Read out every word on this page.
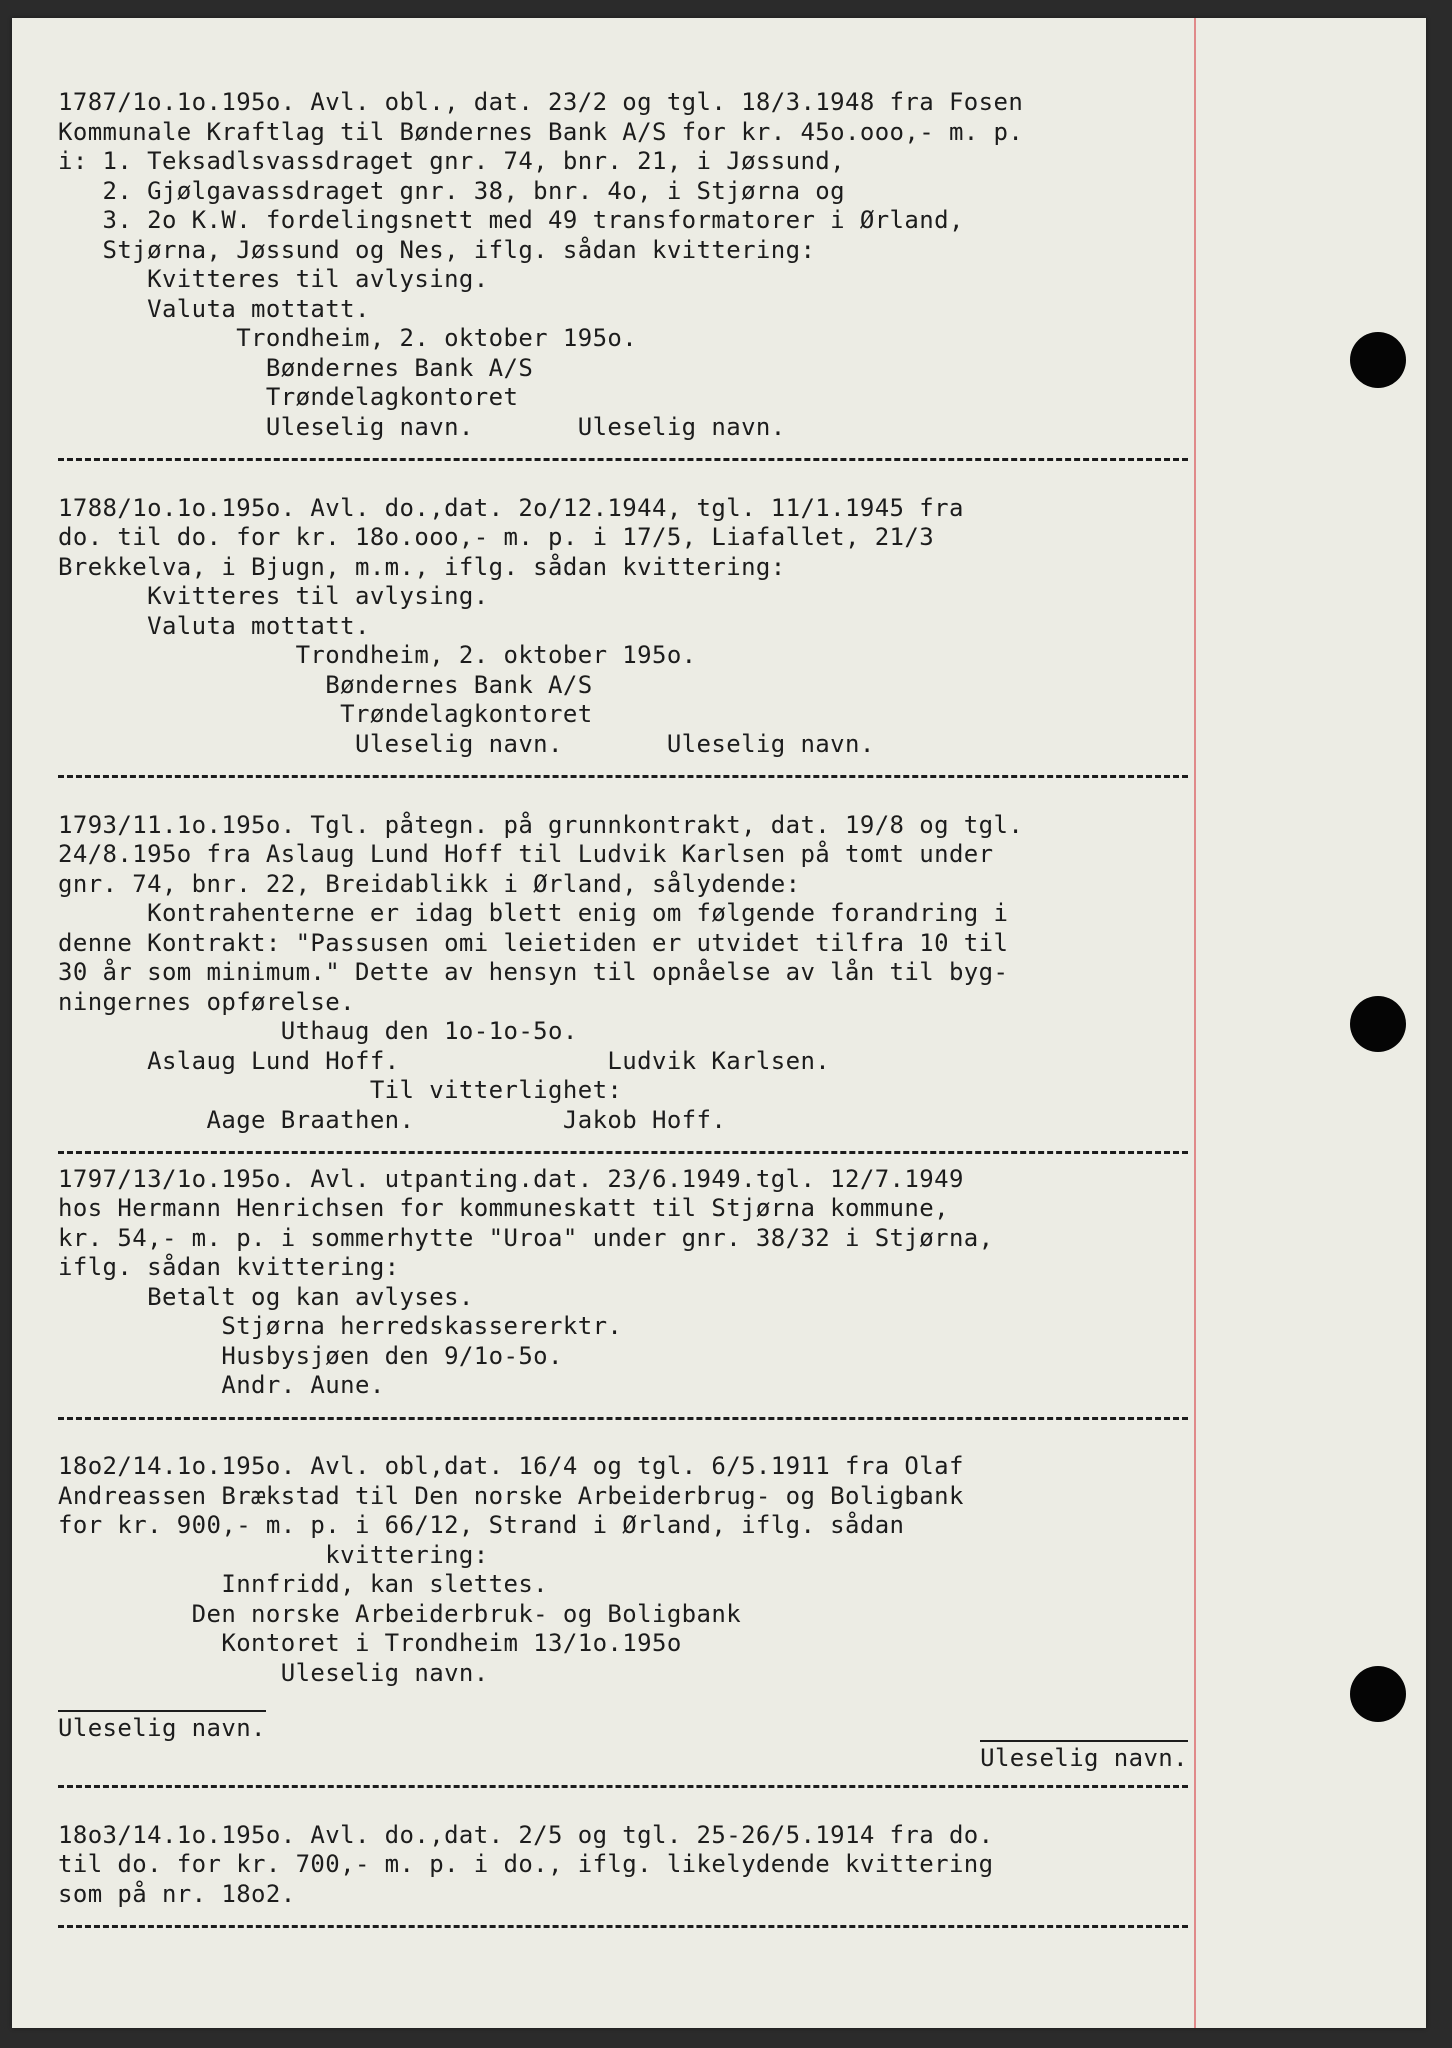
1787/1o.1o.195o. Avl. obl., dat. 23/2 og tgl. 18/3.1948 fra Fosen
Kommunale Kraftlag til Bøndernes Bank A/S for kr. 45o.ooo,- m. p.
i: 1. Teksadlsvassdraget gnr. 74, bnr. 21, i Jøssund,
2. Gjølgavassdraget gnr. 38, bnr. 4o, i Stjørna og
3. 2o K.W. fordelingsnett med 49 transformatorer i Ørland,
Stjørna, Jøssund og Nes, iflg. sådan kvittering:
Kvitteres til avlysing.
Valuta mottatt.
Trondheim, 2. oktober 195o.
Bøndernes Bank A/S
Trøndelagkontoret
Uleselig navn.       Uleselig navn.
1788/1o.1o.195o. Avl. do.,dat. 2o/12.1944, tgl. 11/1.1945 fra
do. til do. for kr. 18o.ooo,- m. p. i 17/5, Liafallet, 21/3
Brekkelva, i Bjugn, m.m., iflg. sådan kvittering:
Kvitteres til avlysing.
Valuta mottatt.
Trondheim, 2. oktober 195o.
Bøndernes Bank A/S
Trøndelagkontoret
Uleselig navn.       Uleselig navn.
1793/11.1o.195o. Tgl. påtegn. på grunnkontrakt, dat. 19/8 og tgl.
24/8.195o fra Aslaug Lund Hoff til Ludvik Karlsen på tomt under
gnr. 74, bnr. 22, Breidablikk i Ørland, sålydende:
Kontrahenterne er idag blett enig om følgende forandring i
denne Kontrakt: "Passusen omi leietiden er utvidet tilfra 10 til
30 år som minimum." Dette av hensyn til opnåelse av lån til byg-
ningernes opførelse.
Uthaug den 1o-1o-5o.
Aslaug Lund Hoff.              Ludvik Karlsen.
Til vitterlighet:
Aage Braathen.          Jakob Hoff.
1797/13/1o.195o. Avl. utpanting.dat. 23/6.1949.tgl. 12/7.1949
hos Hermann Henrichsen for kommuneskatt til Stjørna kommune,
kr. 54,- m. p. i sommerhytte "Uroa" under gnr. 38/32 i Stjørna,
iflg. sådan kvittering:
Betalt og kan avlyses.
Stjørna herredskassererktr.
Husbysjøen den 9/1o-5o.
Andr. Aune.
18o2/14.1o.195o. Avl. obl,dat. 16/4 og tgl. 6/5.1911 fra Olaf
Andreassen Brækstad til Den norske Arbeiderbrug- og Boligbank
for kr. 900,- m. p. i 66/12, Strand i Ørland, iflg. sådan
kvittering:
Innfridd, kan slettes.
Den norske Arbeiderbruk- og Boligbank
Kontoret i Trondheim 13/1o.195o
Uleselig navn.
Uleselig navn.
Uleselig navn.
18o3/14.1o.195o. Avl. do.,dat. 2/5 og tgl. 25-26/5.1914 fra do.
til do. for kr. 700,- m. p. i do., iflg. likelydende kvittering
som på nr. 18o2.
